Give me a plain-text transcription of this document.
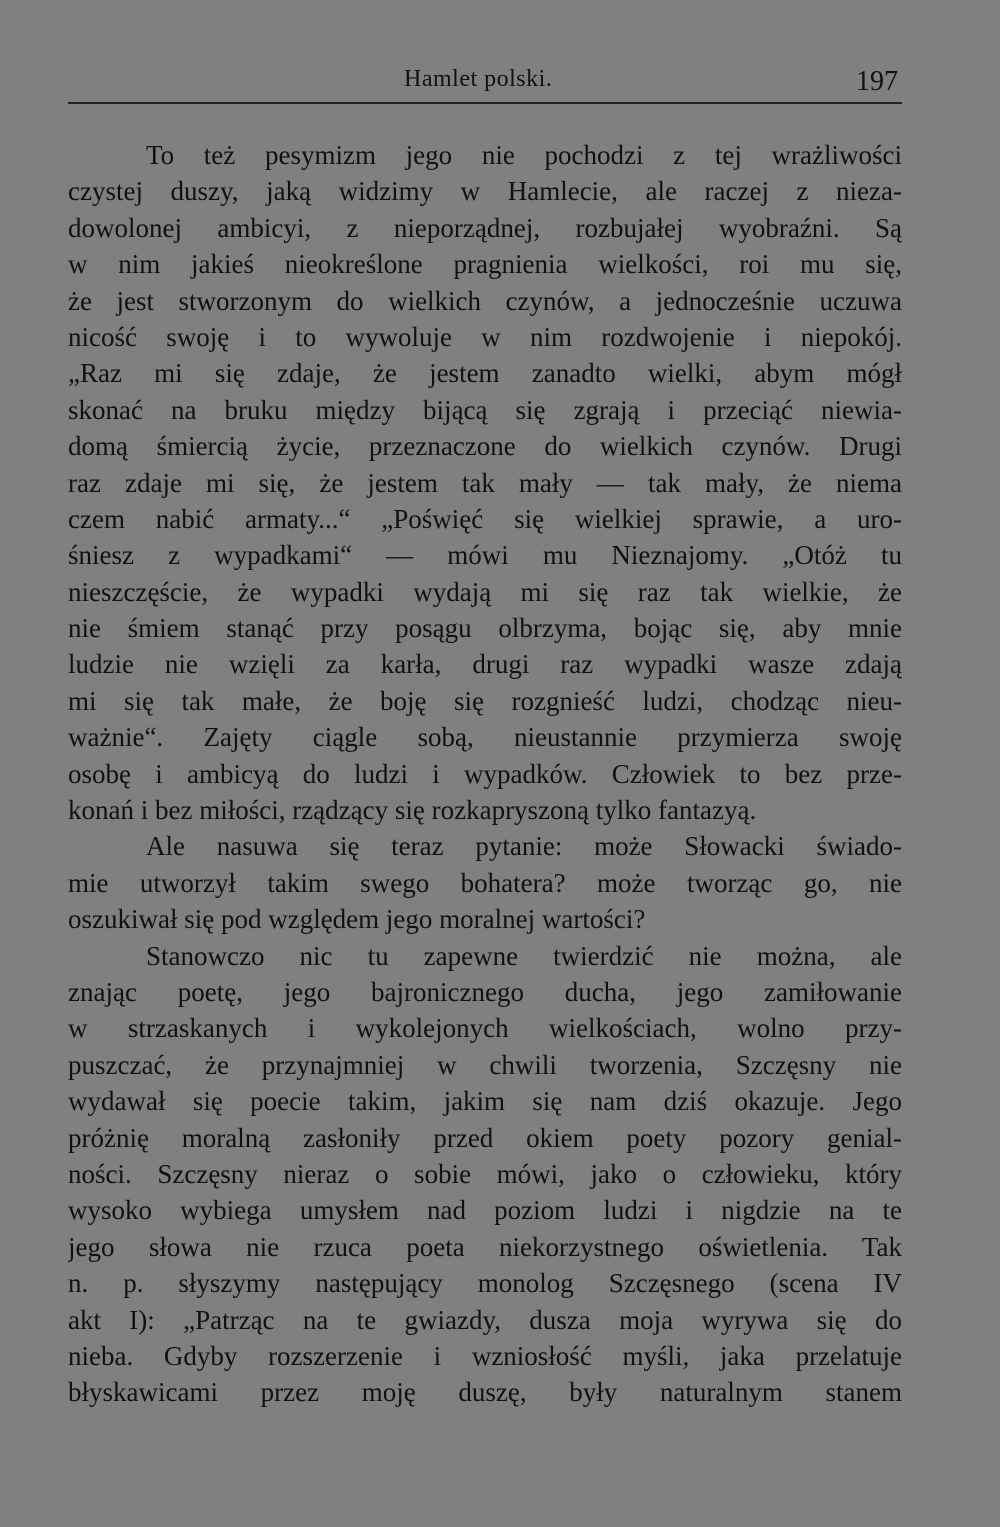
Hamlet polski.	197
To też pesymizm jego nie pochodzi z tej wrażliwości
czystej duszy, jaką widzimy w Hamlecie, ale raczej z nieza-
dowolonej ambicyi, z nieporządnej, rozbujałej wyobraźni. Są
w nim jakieś nieokreślone pragnienia wielkości, roi mu się,
że jest stworzonym do wielkich czynów, a jednocześnie uczuwa
nicość swoję i to wywoluje w nim rozdwojenie i niepokój.
„Raz mi się zdaje, że jestem zanadto wielki, abym mógł
skonać na bruku między bijącą się zgrają i przeciąć niewia-
domą śmiercią życie, przeznaczone do wielkich czynów. Drugi
raz zdaje mi się, że jestem tak mały — tak mały, że niema
czem nabić armaty...“ „Poświęć się wielkiej sprawie, a uro-
śniesz z wypadkami“ — mówi mu Nieznajomy. „Otóż tu
nieszczęście, że wypadki wydają mi się raz tak wielkie, że
nie śmiem stanąć przy posągu olbrzyma, bojąc się, aby mnie
ludzie nie wzięli za karła, drugi raz wypadki wasze zdają
mi się tak małe, że boję się rozgnieść ludzi, chodząc nieu-
ważnie“. Zajęty ciągle sobą, nieustannie przymierza swoję
osobę i ambicyą do ludzi i wypadków. Człowiek to bez prze-
konań i bez miłości, rządzący się rozkapryszoną tylko fantazyą.
Ale nasuwa się teraz pytanie: może Słowacki świado-
mie utworzył takim swego bohatera? może tworząc go, nie
oszukiwał się pod względem jego moralnej wartości?
Stanowczo nic tu zapewne twierdzić nie można, ale
znając poetę, jego bajronicznego ducha, jego zamiłowanie
w strzaskanych i wykolejonych wielkościach, wolno przy-
puszczać, że przynajmniej w chwili tworzenia, Szczęsny nie
wydawał się poecie takim, jakim się nam dziś okazuje. Jego
próżnię moralną zasłoniły przed okiem poety pozory genial-
ności. Szczęsny nieraz o sobie mówi, jako o człowieku, który
wysoko wybiega umysłem nad poziom ludzi i nigdzie na te
jego słowa nie rzuca poeta niekorzystnego oświetlenia. Tak
n. p. słyszymy następujący monolog Szczęsnego (scena IV
akt I): „Patrząc na te gwiazdy, dusza moja wyrywa się do
nieba. Gdyby rozszerzenie i wzniosłość myśli, jaka przelatuje
błyskawicami przez moję duszę, były naturalnym stanem
